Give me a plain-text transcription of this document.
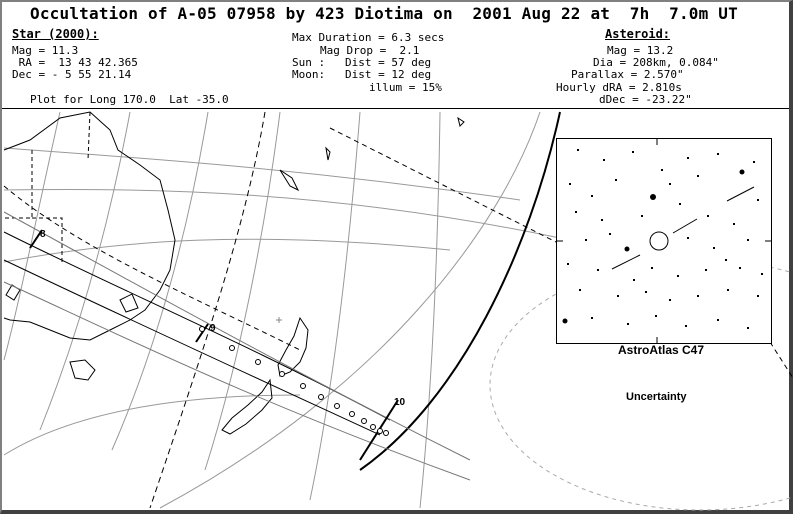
Occultation of A-05 07958 by 423 Diotima on  2001 Aug 22 at  7h  7.0m UT
Star (2000):
Mag = 11.3
RA =  13 43 42.365
Dec = - 5 55 21.14
Max Duration = 6.3 secs
Mag Drop =  2.1
Sun :   Dist = 57 deg
Moon:   Dist = 12 deg
illum = 15%
Asteroid:
Mag = 13.2
Dia = 208km, 0.084"
Parallax = 2.570"
Hourly dRA = 2.810s
dDec = -23.22"
Plot for Long 170.0  Lat -35.0
8
9
10
AstroAtlas C47
Uncertainty
